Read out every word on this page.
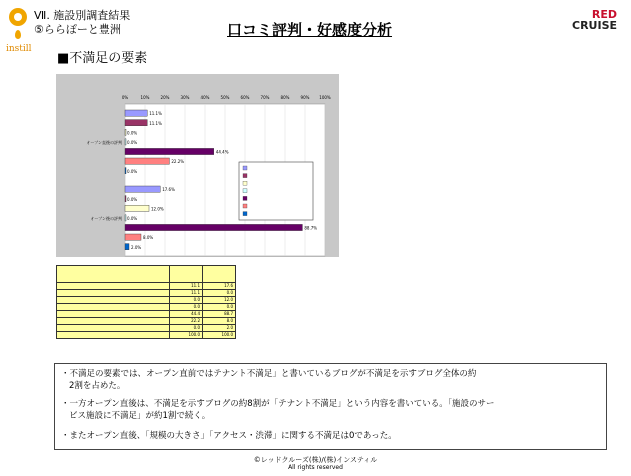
instill
Ⅶ. 施設別調査結果
⑤ららぽーと豊洲	口コミ評判・好感度分析
RED
CRUISE
■不満足の要素
0%	10%	20%	30%	40%	50%	60%	70%	80%	90% 100%
11.1%
11.1%
0.0%
0.0%
44.4%
22.2%
0.0%
オープン直後の評判
17.6%
0.0%
12.0%
0.0%
88.7%
8.0%
2.0%
オープン後の評判

	11.1	17.6
	11.1	0.0
	0.0	12.0
	0.0	0.0
	44.4	88.7
	22.2	8.0
	0.0	2.0
	100.0	100.0
・不満足の要素では、オープン直前ではテナント不満足」と書いているブログが不満足を示すブログ全体の約
2割を占めた。
・一方オープン直後は、不満足を示すブログの約8割が「テナント不満足」という内容を書いている。「施設のサー
ビス施設に不満足」が約1割で続く。
・またオープン直後、「規模の大きさ」「アクセス・渋滞」に関する不満足は0であった。
©レッドクルーズ(株)/(株)インスティル
All rights reserved
